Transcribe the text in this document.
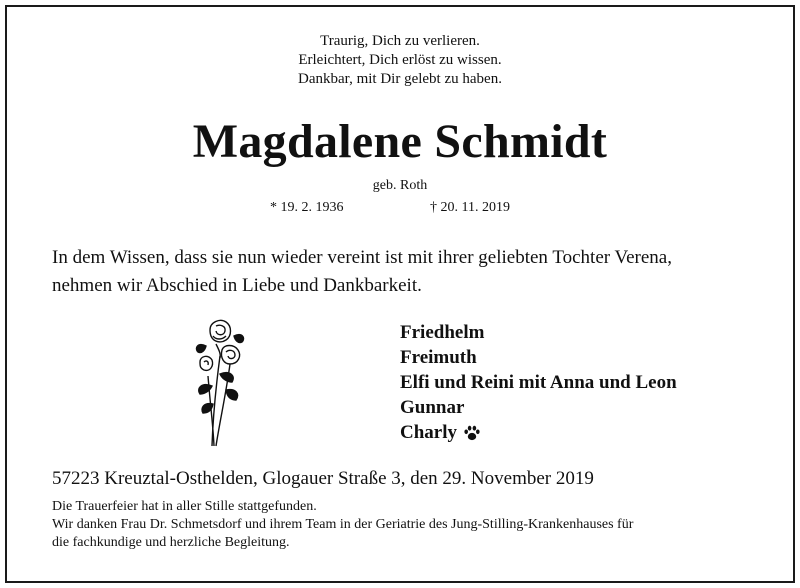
Traurig, Dich zu verlieren.
Erleichtert, Dich erlöst zu wissen.
Dankbar, mit Dir gelebt zu haben.
Magdalene Schmidt
geb. Roth
* 19. 2. 1936	† 20. 11. 2019
In dem Wissen, dass sie nun wieder vereint ist mit ihrer geliebten Tochter Verena,
nehmen wir Abschied in Liebe und Dankbarkeit.
Friedhelm
Freimuth
Elfi und Reini mit Anna und Leon
Gunnar
Charly
57223 Kreuztal-Osthelden, Glogauer Straße 3, den 29. November 2019
Die Trauerfeier hat in aller Stille stattgefunden.
Wir danken Frau Dr. Schmetsdorf und ihrem Team in der Geriatrie des Jung-Stilling-Krankenhauses für
die fachkundige und herzliche Begleitung.
